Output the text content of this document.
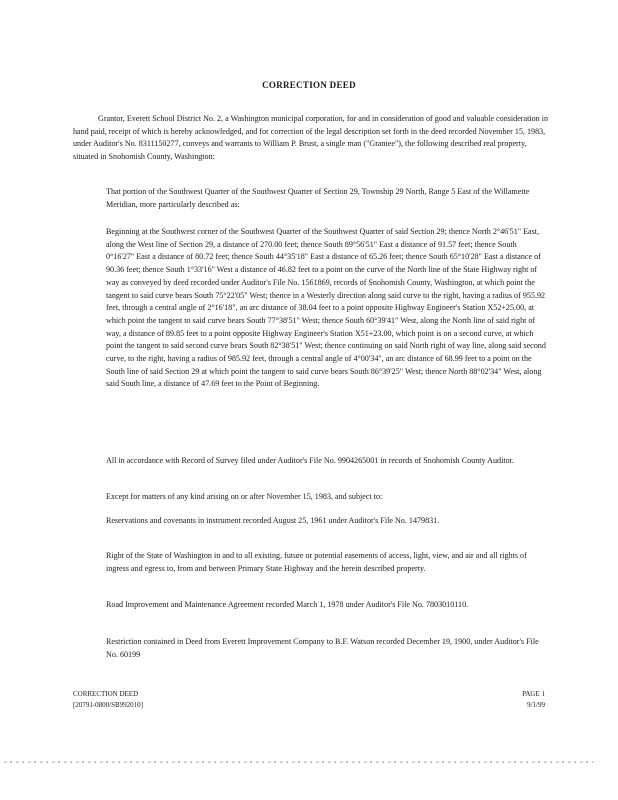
CORRECTION DEED

Grantor, Everett School District No. 2, a Washington municipal corporation, for and in consideration of good and valuable consideration in hand paid, receipt of which is hereby acknowledged, and for correction of the legal description set forth in the deed recorded November 15, 1983, under Auditor's No. 8311150277, conveys and warrants to William P. Brust, a single man ("Grantee"), the following described real property, situated in Snohomish County, Washington:

That portion of the Southwest Quarter of the Southwest Quarter of Section 29, Township 29 North, Range 5 East of the Willamette Meridian, more particularly described as:

Beginning at the Southwest corner of the Southwest Quarter of the Southwest Quarter of said Section 29; thence North 2°46'51" East, along the West line of Section 29, a distance of 270.00 feet; thence South 89°56'51" East a distance of 91.57 feet; thence South 0°16'27" East a distance of 80.72 feet; thence South 44°35'18" East a distance of 65.26 feet; thence South 65°10'28" East a distance of 90.36 feet; thence South 1°33'16" West a distance of 46.82 feet to a point on the curve of the North line of the State Highway right of way as conveyed by deed recorded under Auditor's File No. 1561869, records of Snohomish County, Washington, at which point the tangent to said curve bears South 75°22'05" West; thence in a Westerly direction along said curve to the right, having a radius of 955.92 feet, through a central angle of 2°16'18", an arc distance of 38.04 feet to a point opposite Highway Engineer's Station X52+25.00, at which point the tangent to said curve bears South 77°38'51" West; thence South 60°39'41" West, along the North line of said right of way, a distance of 89.85 feet to a point opposite Highway Engineer's Station X51+23.00, which point is on a second curve, at which point the tangent to said second curve bears South 82°38'51" West; thence continuing on said North right of way line, along said second curve, to the right, having a radius of 985.92 feet, through a central angle of 4°00'34", an arc distance of 68.99 feet to a point on the South line of said Section 29 at which point the tangent to said curve bears South 86°39'25" West; thence North 88°02'34" West, along said South line, a distance of 47.69 feet to the Point of Beginning.

All in accordance with Record of Survey filed under Auditor's File No. 9904265001 in records of Snohomish County Auditor.

Except for matters of any kind arising on or after November 15, 1983, and subject to:

Reservations and covenants in instrument recorded August 25, 1961 under Auditor's File No. 1479831.

Right of the State of Washington in and to all existing, future or potential easements of access, light, view, and air and all rights of ingress and egress to, from and between Primary State Highway and the herein described property.

Road Improvement and Maintenance Agreement recorded March 1, 1978 under Auditor's File No. 7803010110.

Restriction contained in Deed from Everett Improvement Company to B.F. Watson recorded December 19, 1900, under Auditor's File No. 60199

CORRECTION DEED
[20791-0800/SB992010]
PAGE 1
9/1/99
